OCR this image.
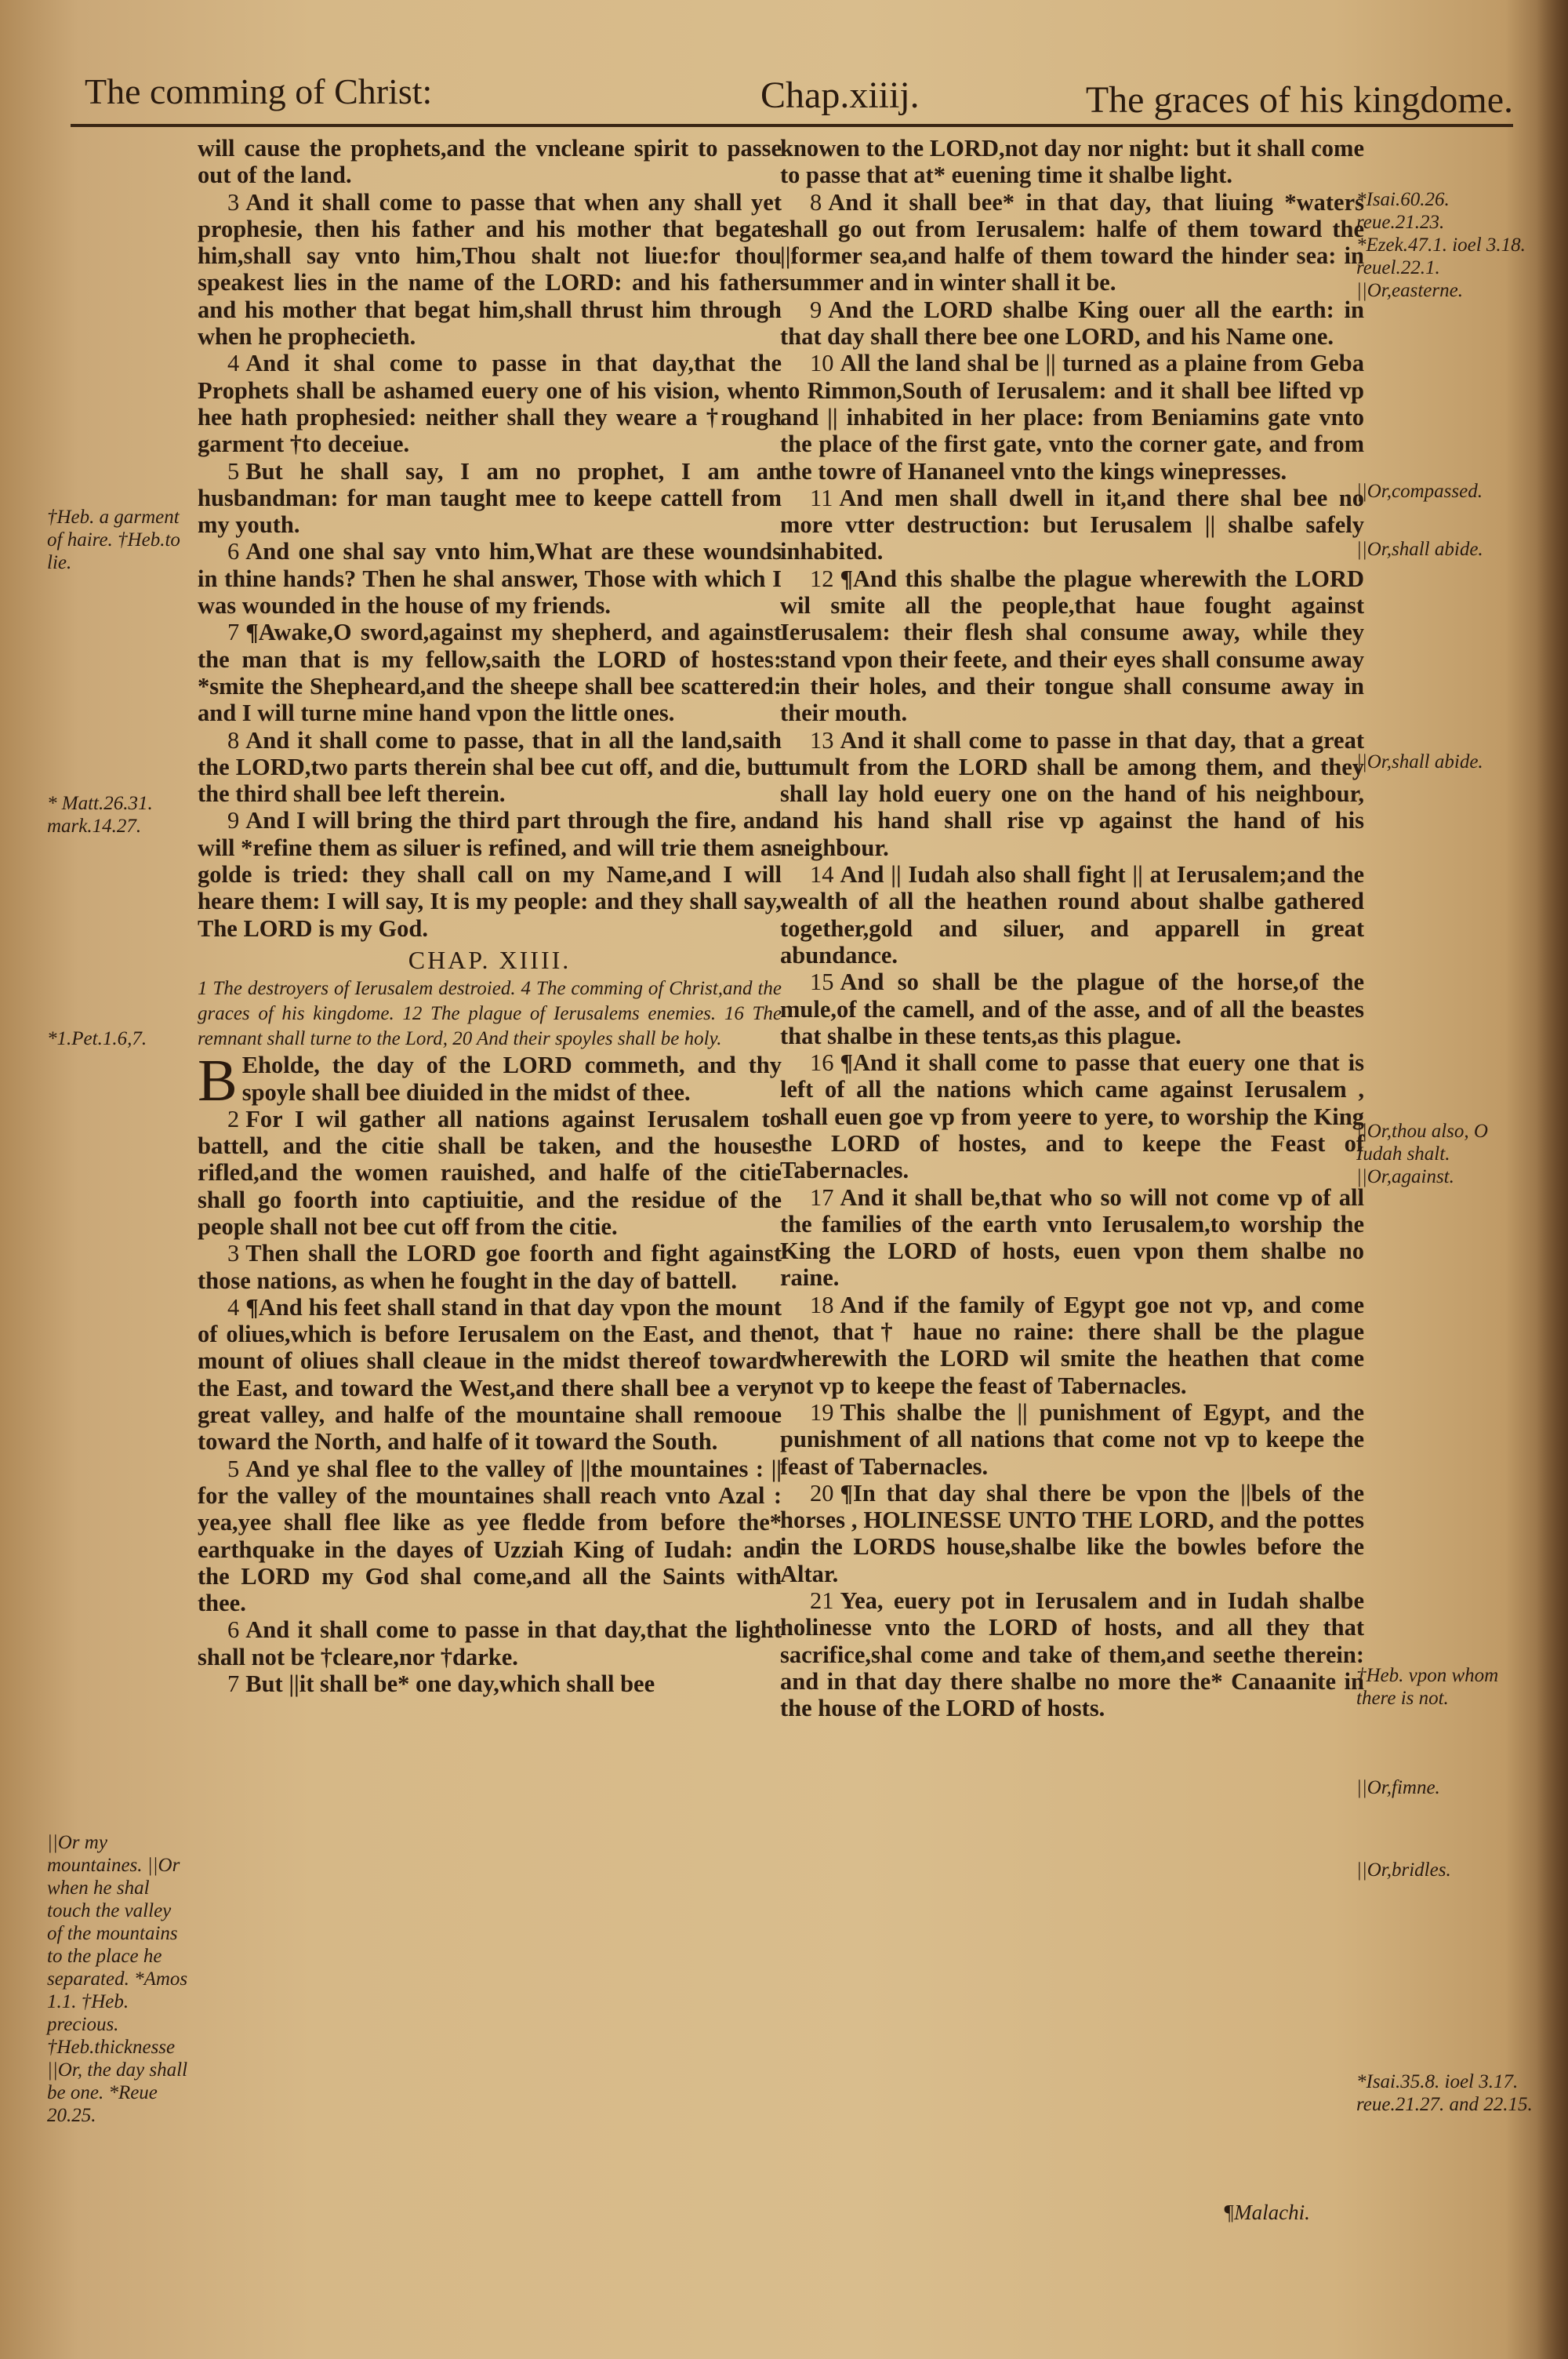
The comming of Christ:	Chap.xiiij.	The graces of his kingdome.
†Heb. a garment of haire. †Heb.to lie.
* Matt.26.31. mark.14.27.
*1.Pet.1.6,7.
||Or my mountaines. ||Or when he shal touch the valley of the mountains to the place he separated. *Amos 1.1. †Heb. precious. †Heb.thicknesse ||Or, the day shall be one. *Reue 20.25.
*Isai.60.26. reue.21.23. *Ezek.47.1. ioel 3.18. reuel.22.1. ||Or,easterne.
||Or,compassed.
||Or,shall abide.
||Or,shall abide.
||Or,thou also, O Iudah shalt. ||Or,against.
†Heb. vpon whom there is not.
||Or,fimne.
||Or,bridles.
*Isai.35.8. ioel 3.17. reue.21.27. and 22.15.

will cause the prophets,and the vncleane spirit to passe out of the land.

3 And it shall come to passe that when any shall yet prophesie, then his father and his mother that begate him,shall say vnto him,Thou shalt not liue:for thou speakest lies in the name of the LORD: and his father and his mother that begat him,shall thrust him through when he prophecieth.

4 And it shal come to passe in that day,that the Prophets shall be ashamed euery one of his vision, when hee hath prophesied: neither shall they weare a †rough garment †to deceiue.

5 But he shall say, I am no prophet, I am an husbandman: for man taught mee to keepe cattell from my youth.

6 And one shal say vnto him,What are these wounds in thine hands? Then he shal answer, Those with which I was wounded in the house of my friends.

7 ¶Awake,O sword,against my shepherd, and against the man that is my fellow,saith the LORD of hostes: *smite the Shepheard,and the sheepe shall bee scattered: and I will turne mine hand vpon the little ones.

8 And it shall come to passe, that in all the land,saith the LORD,two parts therein shal bee cut off, and die, but the third shall bee left therein.

9 And I will bring the third part through the fire, and will *refine them as siluer is refined, and will trie them as golde is tried: they shall call on my Name,and I will heare them: I will say, It is my people: and they shall say, The LORD is my God.

CHAP. XIIII.

1 The destroyers of Ierusalem destroied. 4 The comming of Christ,and the graces of his kingdome. 12 The plague of Ierusalems enemies. 16 The remnant shall turne to the Lord, 20 And their spoyles shall be holy.

B Eholde, the day of the LORD commeth, and thy spoyle shall bee diuided in the midst of thee.

2 For I wil gather all nations against Ierusalem to battell, and the citie shall be taken, and the houses rifled,and the women rauished, and halfe of the citie shall go foorth into captiuitie, and the residue of the people shall not bee cut off from the citie.

3 Then shall the LORD goe foorth and fight against those nations, as when he fought in the day of battell.

4 ¶And his feet shall stand in that day vpon the mount of oliues,which is before Ierusalem on the East, and the mount of oliues shall cleaue in the midst thereof toward the East, and toward the West,and there shall bee a very great valley, and halfe of the mountaine shall remooue toward the North, and halfe of it toward the South.

5 And ye shal flee to the valley of ||the mountaines : || for the valley of the mountaines shall reach vnto Azal : yea,yee shall flee like as yee fledde from before the* earthquake in the dayes of Uzziah King of Iudah: and the LORD my God shal come,and all the Saints with thee.

6 And it shall come to passe in that day,that the light shall not be †cleare,nor †darke.

7 But ||it shall be* one day,which shall bee

knowen to the LORD,not day nor night: but it shall come to passe that at* euening time it shalbe light.

8 And it shall bee* in that day, that liuing *waters shall go out from Ierusalem: halfe of them toward the ||former sea,and halfe of them toward the hinder sea: in summer and in winter shall it be.

9 And the LORD shalbe King ouer all the earth: in that day shall there bee one LORD, and his Name one.

10 All the land shal be || turned as a plaine from Geba to Rimmon,South of Ierusalem: and it shall bee lifted vp and || inhabited in her place: from Beniamins gate vnto the place of the first gate, vnto the corner gate, and from the towre of Hananeel vnto the kings winepresses.

11 And men shall dwell in it,and there shal bee no more vtter destruction: but Ierusalem || shalbe safely inhabited.

12 ¶And this shalbe the plague wherewith the LORD wil smite all the people,that haue fought against Ierusalem: their flesh shal consume away, while they stand vpon their feete, and their eyes shall consume away in their holes, and their tongue shall consume away in their mouth.

13 And it shall come to passe in that day, that a great tumult from the LORD shall be among them, and they shall lay hold euery one on the hand of his neighbour, and his hand shall rise vp against the hand of his neighbour.

14 And || Iudah also shall fight || at Ierusalem;and the wealth of all the heathen round about shalbe gathered together,gold and siluer, and apparell in great abundance.

15 And so shall be the plague of the horse,of the mule,of the camell, and of the asse, and of all the beastes that shalbe in these tents,as this plague.

16 ¶And it shall come to passe that euery one that is left of all the nations which came against Ierusalem , shall euen goe vp from yeere to yere, to worship the King the LORD of hostes, and to keepe the Feast of Tabernacles.

17 And it shall be,that who so will not come vp of all the families of the earth vnto Ierusalem,to worship the King the LORD of hosts, euen vpon them shalbe no raine.

18 And if the family of Egypt goe not vp, and come not, that† haue no raine: there shall be the plague wherewith the LORD wil smite the heathen that come not vp to keepe the feast of Tabernacles.

19 This shalbe the || punishment of Egypt, and the punishment of all nations that come not vp to keepe the feast of Tabernacles.

20 ¶In that day shal there be vpon the ||bels of the horses , HOLINESSE UNTO THE LORD, and the pottes in the LORDS house,shalbe like the bowles before the Altar.

21 Yea, euery pot in Ierusalem and in Iudah shalbe holinesse vnto the LORD of hosts, and all they that sacrifice,shal come and take of them,and seethe therein: and in that day there shalbe no more the* Canaanite in the house of the LORD of hosts.

¶Malachi.
